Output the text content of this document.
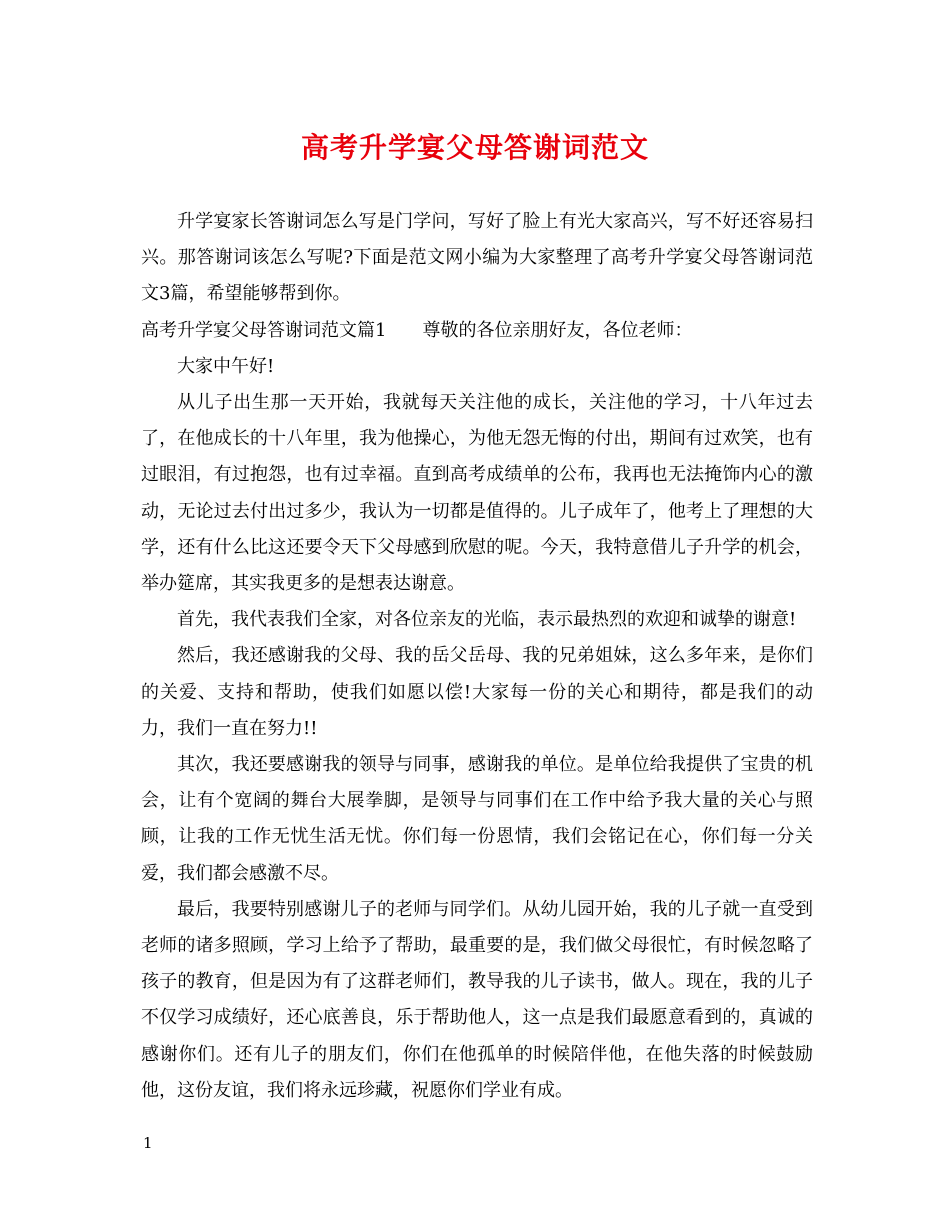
高考升学宴父母答谢词范文

升学宴家长答谢词怎么写是门学问，写好了脸上有光大家高兴，写不好还容易扫兴。那答谢词该怎么写呢?下面是范文网小编为大家整理了高考升学宴父母答谢词范文3篇，希望能够帮到你。

高考升学宴父母答谢词范文篇1 尊敬的各位亲朋好友，各位老师：

大家中午好!

从儿子出生那一天开始，我就每天关注他的成长，关注他的学习，十八年过去了，在他成长的十八年里，我为他操心，为他无怨无悔的付出，期间有过欢笑，也有过眼泪，有过抱怨，也有过幸福。直到高考成绩单的公布，我再也无法掩饰内心的激动，无论过去付出过多少，我认为一切都是值得的。儿子成年了，他考上了理想的大学，还有什么比这还要令天下父母感到欣慰的呢。今天，我特意借儿子升学的机会，举办筵席，其实我更多的是想表达谢意。

首先，我代表我们全家，对各位亲友的光临，表示最热烈的欢迎和诚挚的谢意!

然后，我还感谢我的父母、我的岳父岳母、我的兄弟姐妹，这么多年来，是你们的关爱、支持和帮助，使我们如愿以偿!大家每一份的关心和期待，都是我们的动力，我们一直在努力!!

其次，我还要感谢我的领导与同事，感谢我的单位。是单位给我提供了宝贵的机会，让有个宽阔的舞台大展拳脚，是领导与同事们在工作中给予我大量的关心与照顾，让我的工作无忧生活无忧。你们每一份恩情，我们会铭记在心，你们每一分关爱，我们都会感激不尽。

最后，我要特别感谢儿子的老师与同学们。从幼儿园开始，我的儿子就一直受到老师的诸多照顾，学习上给予了帮助，最重要的是，我们做父母很忙，有时候忽略了孩子的教育，但是因为有了这群老师们，教导我的儿子读书，做人。现在，我的儿子不仅学习成绩好，还心底善良，乐于帮助他人，这一点是我们最愿意看到的，真诚的感谢你们。还有儿子的朋友们，你们在他孤单的时候陪伴他，在他失落的时候鼓励他，这份友谊，我们将永远珍藏，祝愿你们学业有成。

1
